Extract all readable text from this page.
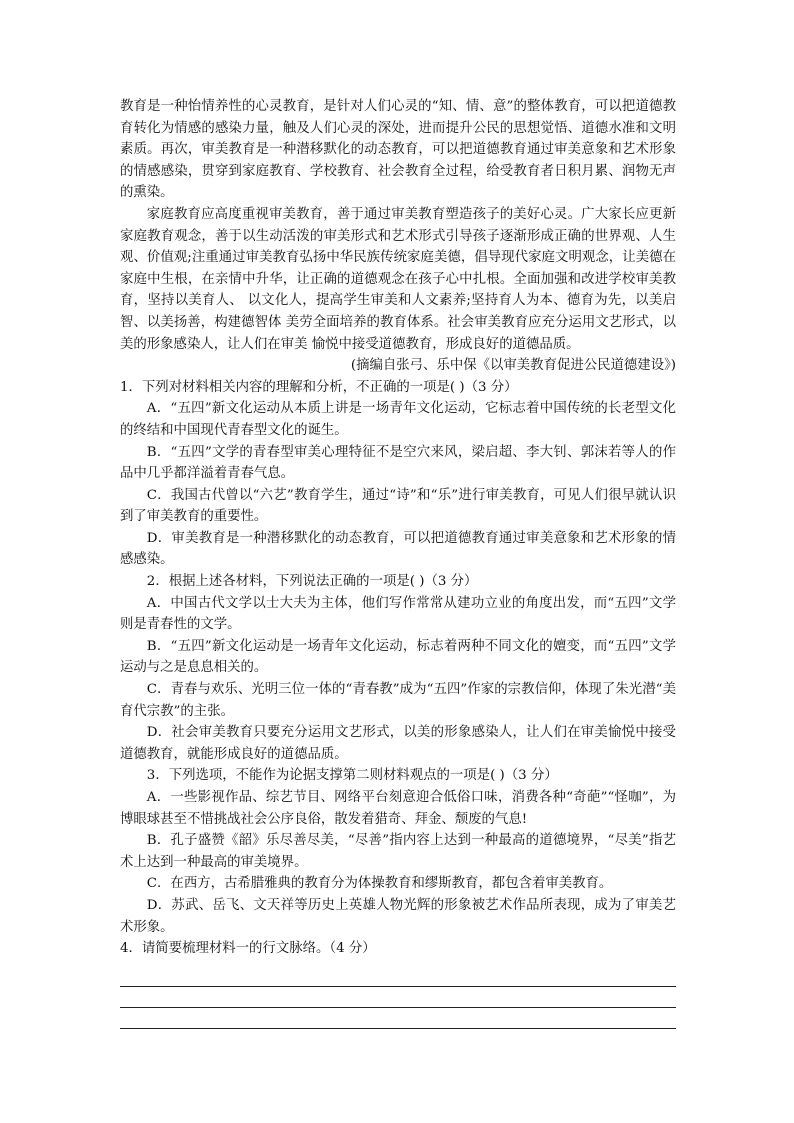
教育是一种怡情养性的心灵教育，是针对人们心灵的“知、情、意”的整体教育，可以把道德教育转化为情感的感染力量，触及人们心灵的深处，进而提升公民的思想觉悟、道德水准和文明素质。再次，审美教育是一种潜移默化的动态教育，可以把道德教育通过审美意象和艺术形象的情感感染，贯穿到家庭教育、学校教育、社会教育全过程，给受教育者日积月累、润物无声的熏染。

家庭教育应高度重视审美教育，善于通过审美教育塑造孩子的美好心灵。广大家长应更新家庭教育观念，善于以生动活泼的审美形式和艺术形式引导孩子逐渐形成正确的世界观、人生观、价值观;注重通过审美教育弘扬中华民族传统家庭美德，倡导现代家庭文明观念，让美德在家庭中生根，在亲情中升华，让正确的道德观念在孩子心中扎根。全面加强和改进学校审美教育，坚持以美育人、 以文化人，提高学生审美和人文素养;坚持育人为本、德育为先，以美启智、以美扬善，构建德智体 美劳全面培养的教育体系。社会审美教育应充分运用文艺形式，以美的形象感染人，让人们在审美 愉悦中接受道德教育，形成良好的道德品质。

(摘编自张弓、乐中保《以审美教育促进公民道德建设》)

1．下列对材料相关内容的理解和分析，不正确的一项是( )（3 分）

A．“五四”新文化运动从本质上讲是一场青年文化运动，它标志着中国传统的长老型文化的终结和中国现代青春型文化的诞生。

B．“五四”文学的青春型审美心理特征不是空穴来风，梁启超、李大钊、郭沫若等人的作品中几乎都洋溢着青春气息。

C．我国古代曾以“六艺”教育学生，通过“诗”和“乐”进行审美教育，可见人们很早就认识到了审美教育的重要性。

D．审美教育是一种潜移默化的动态教育，可以把道德教育通过审美意象和艺术形象的情感感染。

2．根据上述各材料，下列说法正确的一项是( )（3 分）

A．中国古代文学以士大夫为主体，他们写作常常从建功立业的角度出发，而“五四”文学则是青春性的文学。

B．“五四”新文化运动是一场青年文化运动，标志着两种不同文化的嬗变，而“五四”文学运动与之是息息相关的。

C．青春与欢乐、光明三位一体的“青春教”成为“五四”作家的宗教信仰，体现了朱光潜“美育代宗教”的主张。

D．社会审美教育只要充分运用文艺形式，以美的形象感染人，让人们在审美愉悦中接受道德教育，就能形成良好的道德品质。

3．下列选项，不能作为论据支撑第二则材料观点的一项是( )（3 分）

A．一些影视作品、综艺节目、网络平台刻意迎合低俗口味，消费各种“奇葩”“怪咖”，为博眼球甚至不惜挑战社会公序良俗，散发着猎奇、拜金、颓废的气息!

B．孔子盛赞《韶》乐尽善尽美，“尽善”指内容上达到一种最高的道德境界，“尽美”指艺术上达到一种最高的审美境界。

C．在西方，古希腊雅典的教育分为体操教育和缪斯教育，都包含着审美教育。

D．苏武、岳飞、文天祥等历史上英雄人物光辉的形象被艺术作品所表现，成为了审美艺术形象。

4．请简要梳理材料一的行文脉络。（4 分）
